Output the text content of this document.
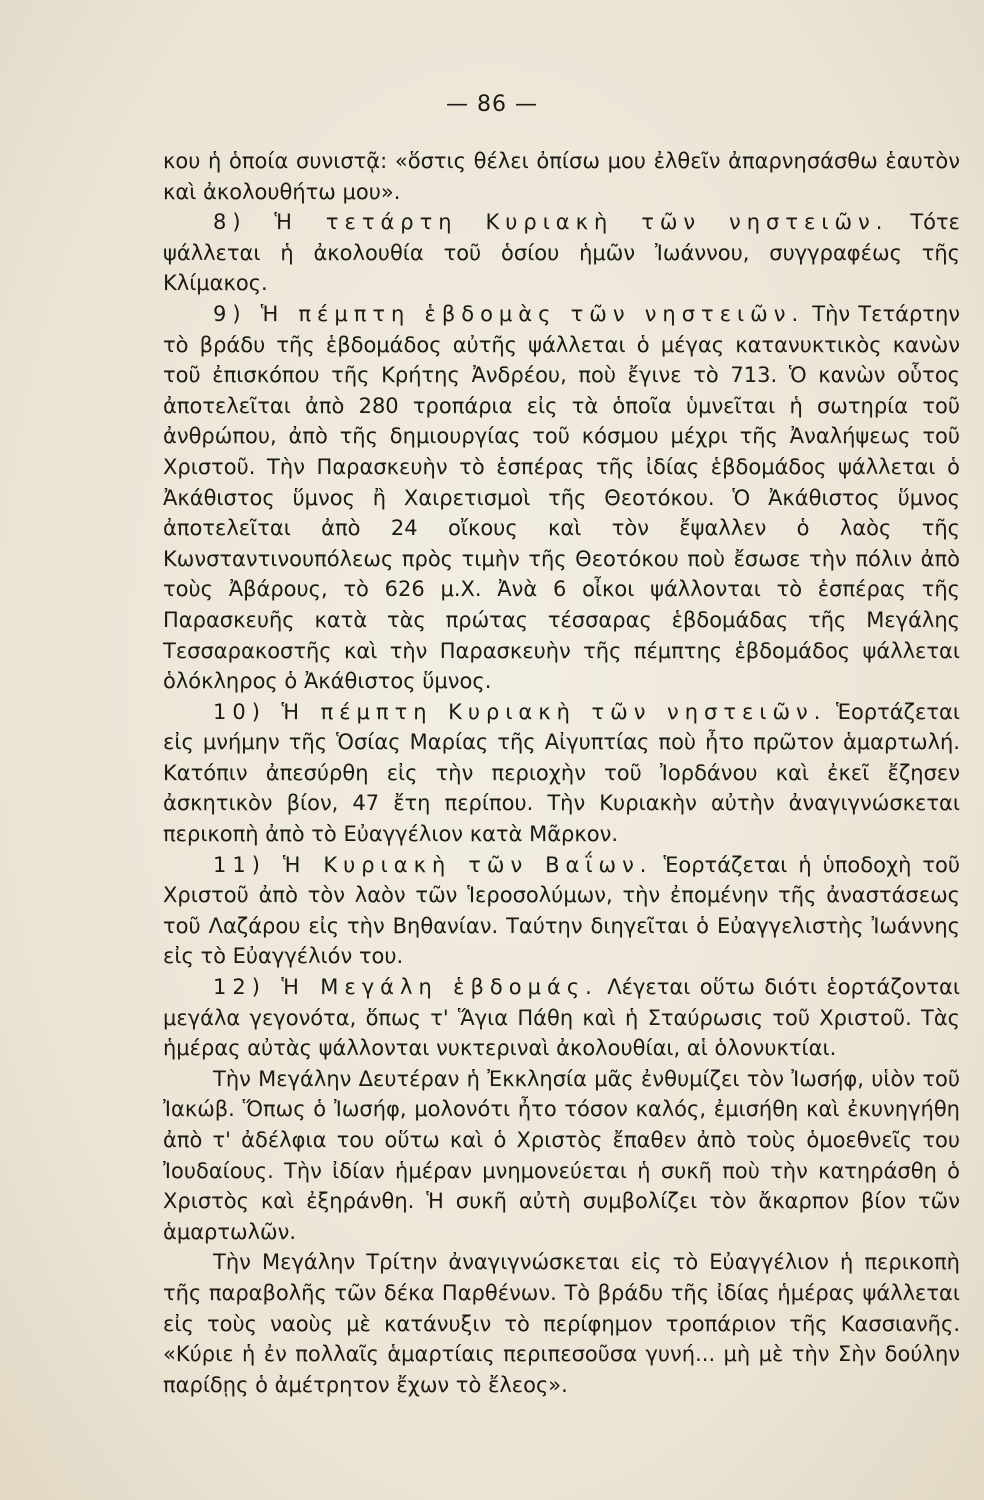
— 86 —

κου ἡ ὁποία συνιστᾷ: «ὅστις θέλει ὀπίσω μου ἐλθεῖν ἀπαρνησάσθω ἑαυτὸν καὶ ἀκολουθήτω μου».

8) Ἡ τετάρτη Κυριακὴ τῶν νηστειῶν. Τότε ψάλλεται ἡ ἀκολουθία τοῦ ὁσίου ἡμῶν Ἰωάννου, συγγραφέως τῆς Κλίμακος.

9) Ἡ πέμπτη ἑβδομὰς τῶν νηστειῶν. Τὴν Τετάρτην τὸ βράδυ τῆς ἑβδομάδος αὐτῆς ψάλλεται ὁ μέγας κατανυκτικὸς κανὼν τοῦ ἐπισκόπου τῆς Κρήτης Ἀνδρέου, ποὺ ἔγινε τὸ 713. Ὁ κανὼν οὗτος ἀποτελεῖται ἀπὸ 280 τροπάρια εἰς τὰ ὁποῖα ὑμνεῖται ἡ σωτηρία τοῦ ἀνθρώπου, ἀπὸ τῆς δημιουργίας τοῦ κόσμου μέχρι τῆς Ἀναλήψεως τοῦ Χριστοῦ. Τὴν Παρασκευὴν τὸ ἑσπέρας τῆς ἰδίας ἑβδομάδος ψάλλεται ὁ Ἀκάθιστος ὕμνος ἢ Χαιρετισμοὶ τῆς Θεοτόκου. Ὁ Ἀκάθιστος ὕμνος ἀποτελεῖται ἀπὸ 24 οἴκους καὶ τὸν ἔψαλλεν ὁ λαὸς τῆς Κωνσταντινουπόλεως πρὸς τιμὴν τῆς Θεοτόκου ποὺ ἔσωσε τὴν πόλιν ἀπὸ τοὺς Ἀβάρους, τὸ 626 μ.Χ. Ἀνὰ 6 οἶκοι ψάλλονται τὸ ἑσπέρας τῆς Παρασκευῆς κατὰ τὰς πρώτας τέσσαρας ἑβδομάδας τῆς Μεγάλης Τεσσαρακοστῆς καὶ τὴν Παρασκευὴν τῆς πέμπτης ἑβδομάδος ψάλλεται ὁλόκληρος ὁ Ἀκάθιστος ὕμνος.

10) Ἡ πέμπτη Κυριακὴ τῶν νηστειῶν. Ἑορτάζεται εἰς μνήμην τῆς Ὁσίας Μαρίας τῆς Αἰγυπτίας ποὺ ἦτο πρῶτον ἁμαρτωλή. Κατόπιν ἀπεσύρθη εἰς τὴν περιοχὴν τοῦ Ἰορδάνου καὶ ἐκεῖ ἔζησεν ἀσκητικὸν βίον, 47 ἔτη περίπου. Τὴν Κυριακὴν αὐτὴν ἀναγιγνώσκεται περικοπὴ ἀπὸ τὸ Εὐαγγέλιον κατὰ Μᾶρκον.

11) Ἡ Κυριακὴ τῶν Βαΐων. Ἑορτάζεται ἡ ὑποδοχὴ τοῦ Χριστοῦ ἀπὸ τὸν λαὸν τῶν Ἱεροσολύμων, τὴν ἐπομένην τῆς ἀναστάσεως τοῦ Λαζάρου εἰς τὴν Βηθανίαν. Ταύτην διηγεῖται ὁ Εὐαγγελιστὴς Ἰωάννης εἰς τὸ Εὐαγγέλιόν του.

12) Ἡ Μεγάλη ἑβδομάς. Λέγεται οὕτω διότι ἑορτάζονται μεγάλα γεγονότα, ὅπως τ' Ἅγια Πάθη καὶ ἡ Σταύρωσις τοῦ Χριστοῦ. Τὰς ἡμέρας αὐτὰς ψάλλονται νυκτεριναὶ ἀκολουθίαι, αἱ ὁλονυκτίαι.

Τὴν Μεγάλην Δευτέραν ἡ Ἐκκλησία μᾶς ἐνθυμίζει τὸν Ἰωσήφ, υἱὸν τοῦ Ἰακώβ. Ὅπως ὁ Ἰωσήφ, μολονότι ἦτο τόσον καλός, ἐμισήθη καὶ ἐκυνηγήθη ἀπὸ τ' ἀδέλφια του οὕτω καὶ ὁ Χριστὸς ἔπαθεν ἀπὸ τοὺς ὁμοεθνεῖς του Ἰουδαίους. Τὴν ἰδίαν ἡμέραν μνημονεύεται ἡ συκῆ ποὺ τὴν κατηράσθη ὁ Χριστὸς καὶ ἐξηράνθη. Ἡ συκῆ αὐτὴ συμβολίζει τὸν ἄκαρπον βίον τῶν ἁμαρτωλῶν.

Τὴν Μεγάλην Τρίτην ἀναγιγνώσκεται εἰς τὸ Εὐαγγέλιον ἡ περικοπὴ τῆς παραβολῆς τῶν δέκα Παρθένων. Τὸ βράδυ τῆς ἰδίας ἡμέρας ψάλλεται εἰς τοὺς ναοὺς μὲ κατάνυξιν τὸ περίφημον τροπάριον τῆς Κασσιανῆς. «Κύριε ἡ ἐν πολλαῖς ἁμαρτίαις περιπεσοῦσα γυνή... μὴ μὲ τὴν Σὴν δούλην παρίδῃς ὁ ἀμέτρητον ἔχων τὸ ἔλεος».
